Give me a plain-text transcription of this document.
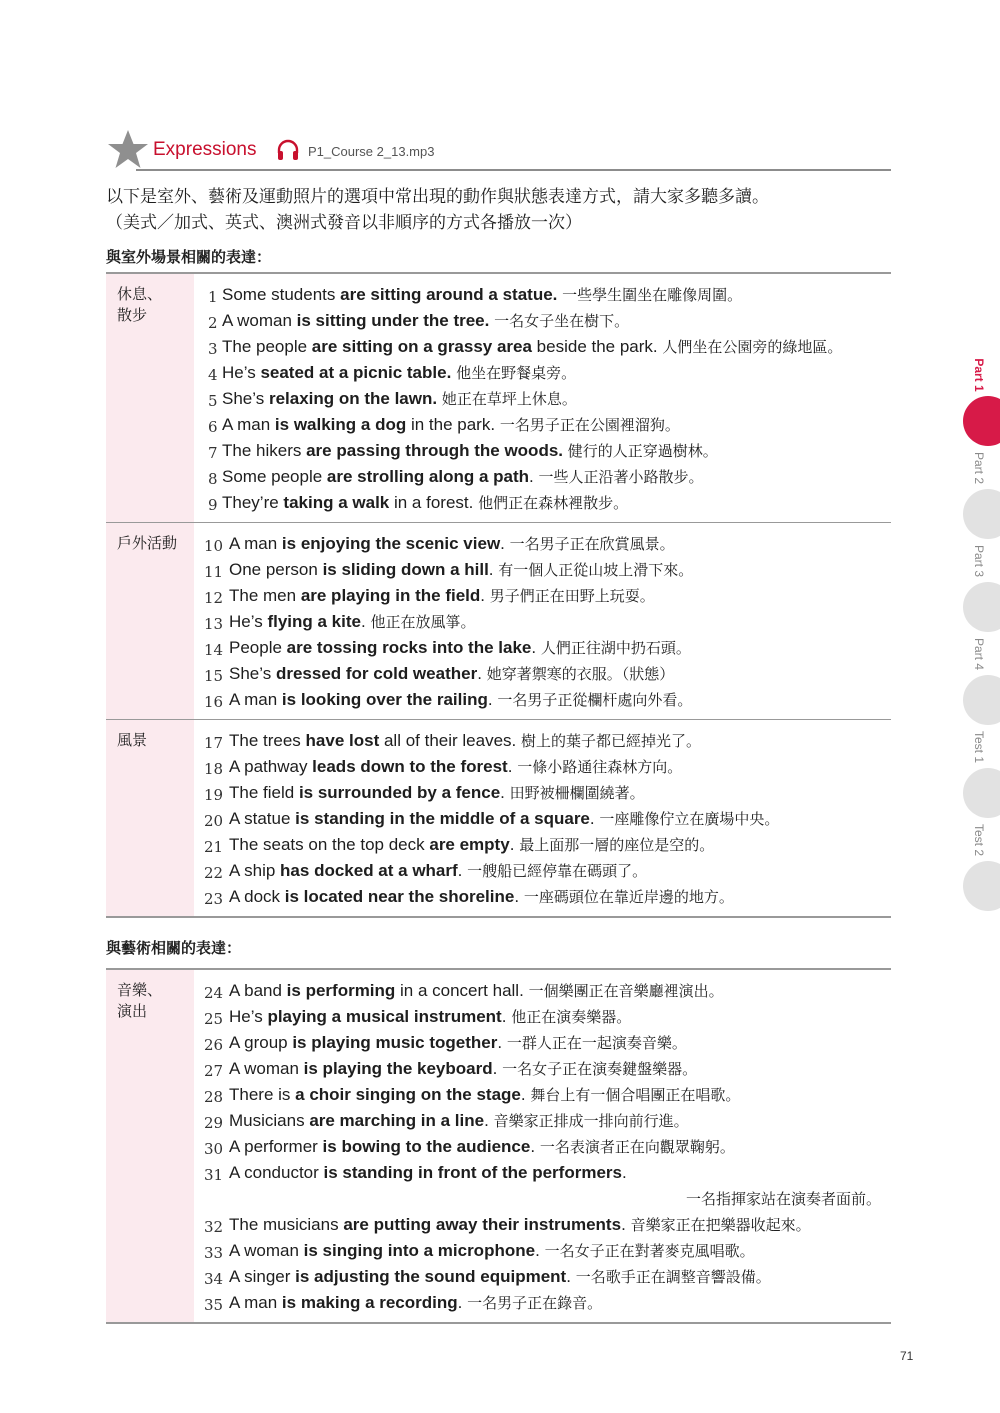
Expressions	P1_Course 2_13.mp3
以下是室外、藝術及運動照片的選項中常出現的動作與狀態表達方式，請大家多聽多讀。
（美式／加式、英式、澳洲式發音以非順序的方式各播放一次）
與室外場景相關的表達：
休息、
散步
1 Some students are sitting around a statue. 一些學生圍坐在雕像周圍。
2 A woman is sitting under the tree. 一名女子坐在樹下。
3 The people are sitting on a grassy area beside the park. 人們坐在公園旁的綠地區。
4 He’s seated at a picnic table. 他坐在野餐桌旁。
5 She’s relaxing on the lawn. 她正在草坪上休息。
6 A man is walking a dog in the park. 一名男子正在公園裡溜狗。
7 The hikers are passing through the woods. 健行的人正穿過樹林。
8 Some people are strolling along a path. 一些人正沿著小路散步。
9 They’re taking a walk in a forest. 他們正在森林裡散步。
戶外活動	10 A man is enjoying the scenic view. 一名男子正在欣賞風景。
11 One person is sliding down a hill. 有一個人正從山坡上滑下來。
12 The men are playing in the field. 男子們正在田野上玩耍。
13 He’s flying a kite. 他正在放風箏。
14 People are tossing rocks into the lake. 人們正往湖中扔石頭。
15 She’s dressed for cold weather. 她穿著禦寒的衣服。（狀態）
16 A man is looking over the railing. 一名男子正從欄杆處向外看。
風景	17 The trees have lost all of their leaves. 樹上的葉子都已經掉光了。
18 A pathway leads down to the forest. 一條小路通往森林方向。
19 The field is surrounded by a fence. 田野被柵欄圍繞著。
20 A statue is standing in the middle of a square. 一座雕像佇立在廣場中央。
21 The seats on the top deck are empty. 最上面那一層的座位是空的。
22 A ship has docked at a wharf. 一艘船已經停靠在碼頭了。
23 A dock is located near the shoreline. 一座碼頭位在靠近岸邊的地方。
與藝術相關的表達：
音樂、
演出
24 A band is performing in a concert hall. 一個樂團正在音樂廳裡演出。
25 He’s playing a musical instrument. 他正在演奏樂器。
26 A group is playing music together. 一群人正在一起演奏音樂。
27 A woman is playing the keyboard. 一名女子正在演奏鍵盤樂器。
28 There is a choir singing on the stage. 舞台上有一個合唱團正在唱歌。
29 Musicians are marching in a line. 音樂家正排成一排向前行進。
30 A performer is bowing to the audience. 一名表演者正在向觀眾鞠躬。
31 A conductor is standing in front of the performers.
一名指揮家站在演奏者面前。
32 The musicians are putting away their instruments. 音樂家正在把樂器收起來。
33 A woman is singing into a microphone. 一名女子正在對著麥克風唱歌。
34 A singer is adjusting the sound equipment. 一名歌手正在調整音響設備。
35 A man is making a recording. 一名男子正在錄音。
Part 1
Part 2
Part 3
Part 4
Test 1
Test 2
71
